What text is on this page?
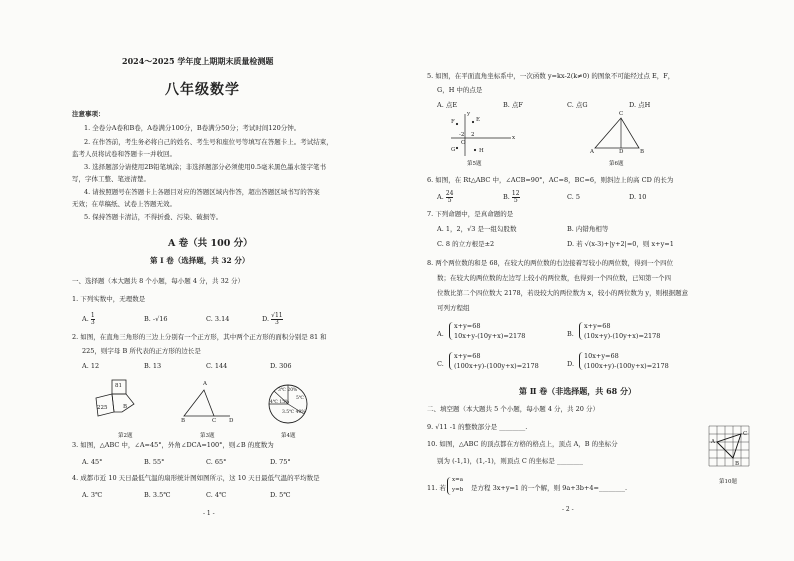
2024～2025 学年度上期期末质量检测题
八年级数学
注意事项：
1. 全卷分A卷和B卷，A卷满分100分，B卷满分50分；考试时间120分钟。
2. 在作答前，考生务必将自己的姓名、考生号和座位号等填写在答题卡上。考试结束，
监考人员将试卷和答题卡一并收回。
3. 选择题部分请使用2B铅笔填涂；非选择题部分必须使用0.5毫米黑色墨水签字笔书
写，字体工整、笔迹清楚。
4. 请按照题号在答题卡上各题目对应的答题区域内作答，超出答题区域书写的答案
无效；在草稿纸、试卷上答题无效。
5. 保持答题卡清洁，不得折叠、污染、破损等。
A 卷（共 100 分）
第 Ⅰ 卷（选择题，共 32 分）
一、选择题（本大题共 8 个小题，每小题 4 分，共 32 分）
1. 下列实数中，无理数是
A. $\frac{1}{3}$	B. -√16	C. 3.14	D. $\frac{√11}{3}$
2. 如图，在直角三角形的三边上分别有一个正方形，其中两个正方形的面积分别是 81 和
225，则字母 B 所代表的正方形的边长是
A. 12	B. 13	C. 144	D. 306
81
225	B
第2题
A
B	C D
第3题
3℃ 20%
4℃ 15%
5℃
3.5℃ 40%
第4题
3. 如图，△ABC 中，∠A=45°，外角∠DCA=100°，则∠B 的度数为
A. 45°	B. 55°	C. 65°	D. 75°
4. 成都市近 10 天日最低气温的扇形统计图如图所示，这 10 天日最低气温的平均数是
A. 3℃	B. 3.5℃	C. 4℃	D. 5℃
- 1 -
5. 如图，在平面直角坐标系中，一次函数 y=kx-2(k≠0) 的图象不可能经过点 E，F，
G，H 中的点是
A. 点E	B. 点F	C. 点G	D. 点H
y
x
F	E
G	H
O
-2 2
第5题
C
A	D	B
第6题
6. 如图，在 Rt△ABC 中，∠ACB=90°，AC=8，BC=6，则斜边上的高 CD 的长为
A. $\frac{24}{5}$	B. $\frac{12}{5}$	C. 5	D. 10
7. 下列命题中，是真命题的是
A. 1，2，√3 是一组勾股数	B. 内错角相等
C. 8 的立方根是±2	D. 若 √(x-3)+|y+2|=0，则 x+y=1
8. 两个两位数的和是 68，在较大的两位数的右边接着写较小的两位数，得到一个四位
数；在较大的两位数的左边写上较小的两位数，也得到一个四位数，已知第一个四
位数比第二个四位数大 2178，若设较大的两位数为 x，较小的两位数为 y，则根据题意
可列方程组
A.
x+y=68
10x+y-(10y+x)=2178	B.
x+y=68
(10x+y)-(10y+x)=2178
C.
x+y=68
(100x+y)-(100y+x)=2178	D.
10x+y=68
(100x+y)-(100y+x)=2178
第 Ⅱ 卷（非选择题，共 68 分）
二、填空题（本大题共 5 个小题，每小题 4 分，共 20 分）
9. √11 -1 的整数部分是 ________.
10. 如图，△ABC 的顶点都在方格的格点上，顶点 A，B 的坐标分
别为 (-1,1)，(1,-1)，则顶点 C 的坐标是 ________
11. 若
x=a
y=b 是方程 3x+y=1 的一个解，则 9a+3b+4=________.
A
B
C
第10题
- 2 -
